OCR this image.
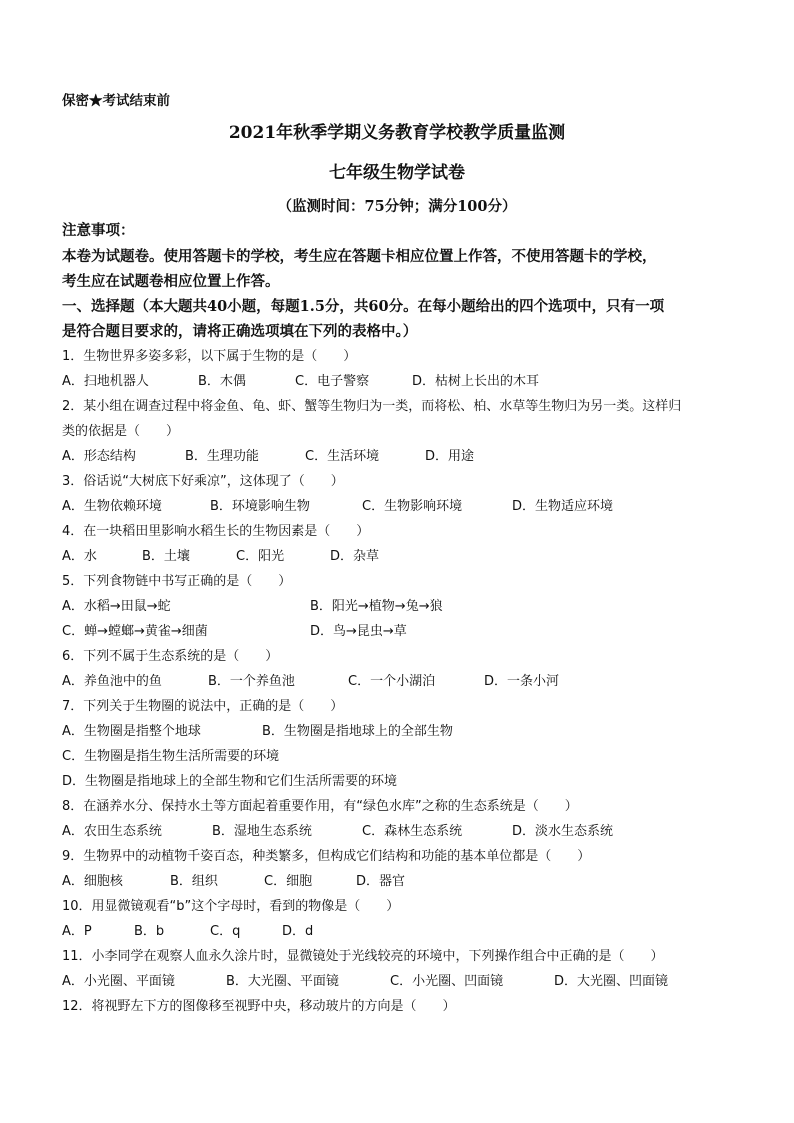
保密★考试结束前
2021年秋季学期义务教育学校教学质量监测
七年级生物学试卷
（监测时间：75分钟；满分100分）
注意事项：
本卷为试题卷。使用答题卡的学校，考生应在答题卡相应位置上作答，不使用答题卡的学校，
考生应在试题卷相应位置上作答。
一、选择题（本大题共40小题，每题1.5分，共60分。在每小题给出的四个选项中，只有一项
是符合题目要求的，请将正确选项填在下列的表格中。）
1．生物世界多姿多彩，以下属于生物的是（　　）
A．扫地机器人	B．木偶	C．电子警察	D．枯树上长出的木耳
2．某小组在调查过程中将金鱼、龟、虾、蟹等生物归为一类，而将松、柏、水草等生物归为另一类。这样归
类的依据是（　　）
A．形态结构	B．生理功能	C．生活环境	D．用途
3．俗话说“大树底下好乘凉”，这体现了（　　）
A．生物依赖环境	B．环境影响生物	C．生物影响环境	D．生物适应环境
4．在一块稻田里影响水稻生长的生物因素是（　　）
A．水	B．土壤	C．阳光	D．杂草
5．下列食物链中书写正确的是（　　）
A．水稻→田鼠→蛇	B．阳光→植物→兔→狼
C．蝉→螳螂→黄雀→细菌	D．鸟→昆虫→草
6．下列不属于生态系统的是（　　）
A．养鱼池中的鱼	B．一个养鱼池	C．一个小湖泊	D．一条小河
7．下列关于生物圈的说法中，正确的是（　　）
A．生物圈是指整个地球	B．生物圈是指地球上的全部生物
C．生物圈是指生物生活所需要的环境
D．生物圈是指地球上的全部生物和它们生活所需要的环境
8．在涵养水分、保持水土等方面起着重要作用，有“绿色水库”之称的生态系统是（　　）
A．农田生态系统	B．湿地生态系统	C．森林生态系统	D．淡水生态系统
9．生物界中的动植物千姿百态，种类繁多，但构成它们结构和功能的基本单位都是（　　）
A．细胞核	B．组织	C．细胞	D．器官
10．用显微镜观看“b”这个字母时，看到的物像是（　　）
A．P	B．b	C．q	D．d
11．小李同学在观察人血永久涂片时，显微镜处于光线较亮的环境中，下列操作组合中正确的是（　　）
A．小光圈、平面镜	B．大光圈、平面镜	C．小光圈、凹面镜	D．大光圈、凹面镜
12．将视野左下方的图像移至视野中央，移动玻片的方向是（　　）
